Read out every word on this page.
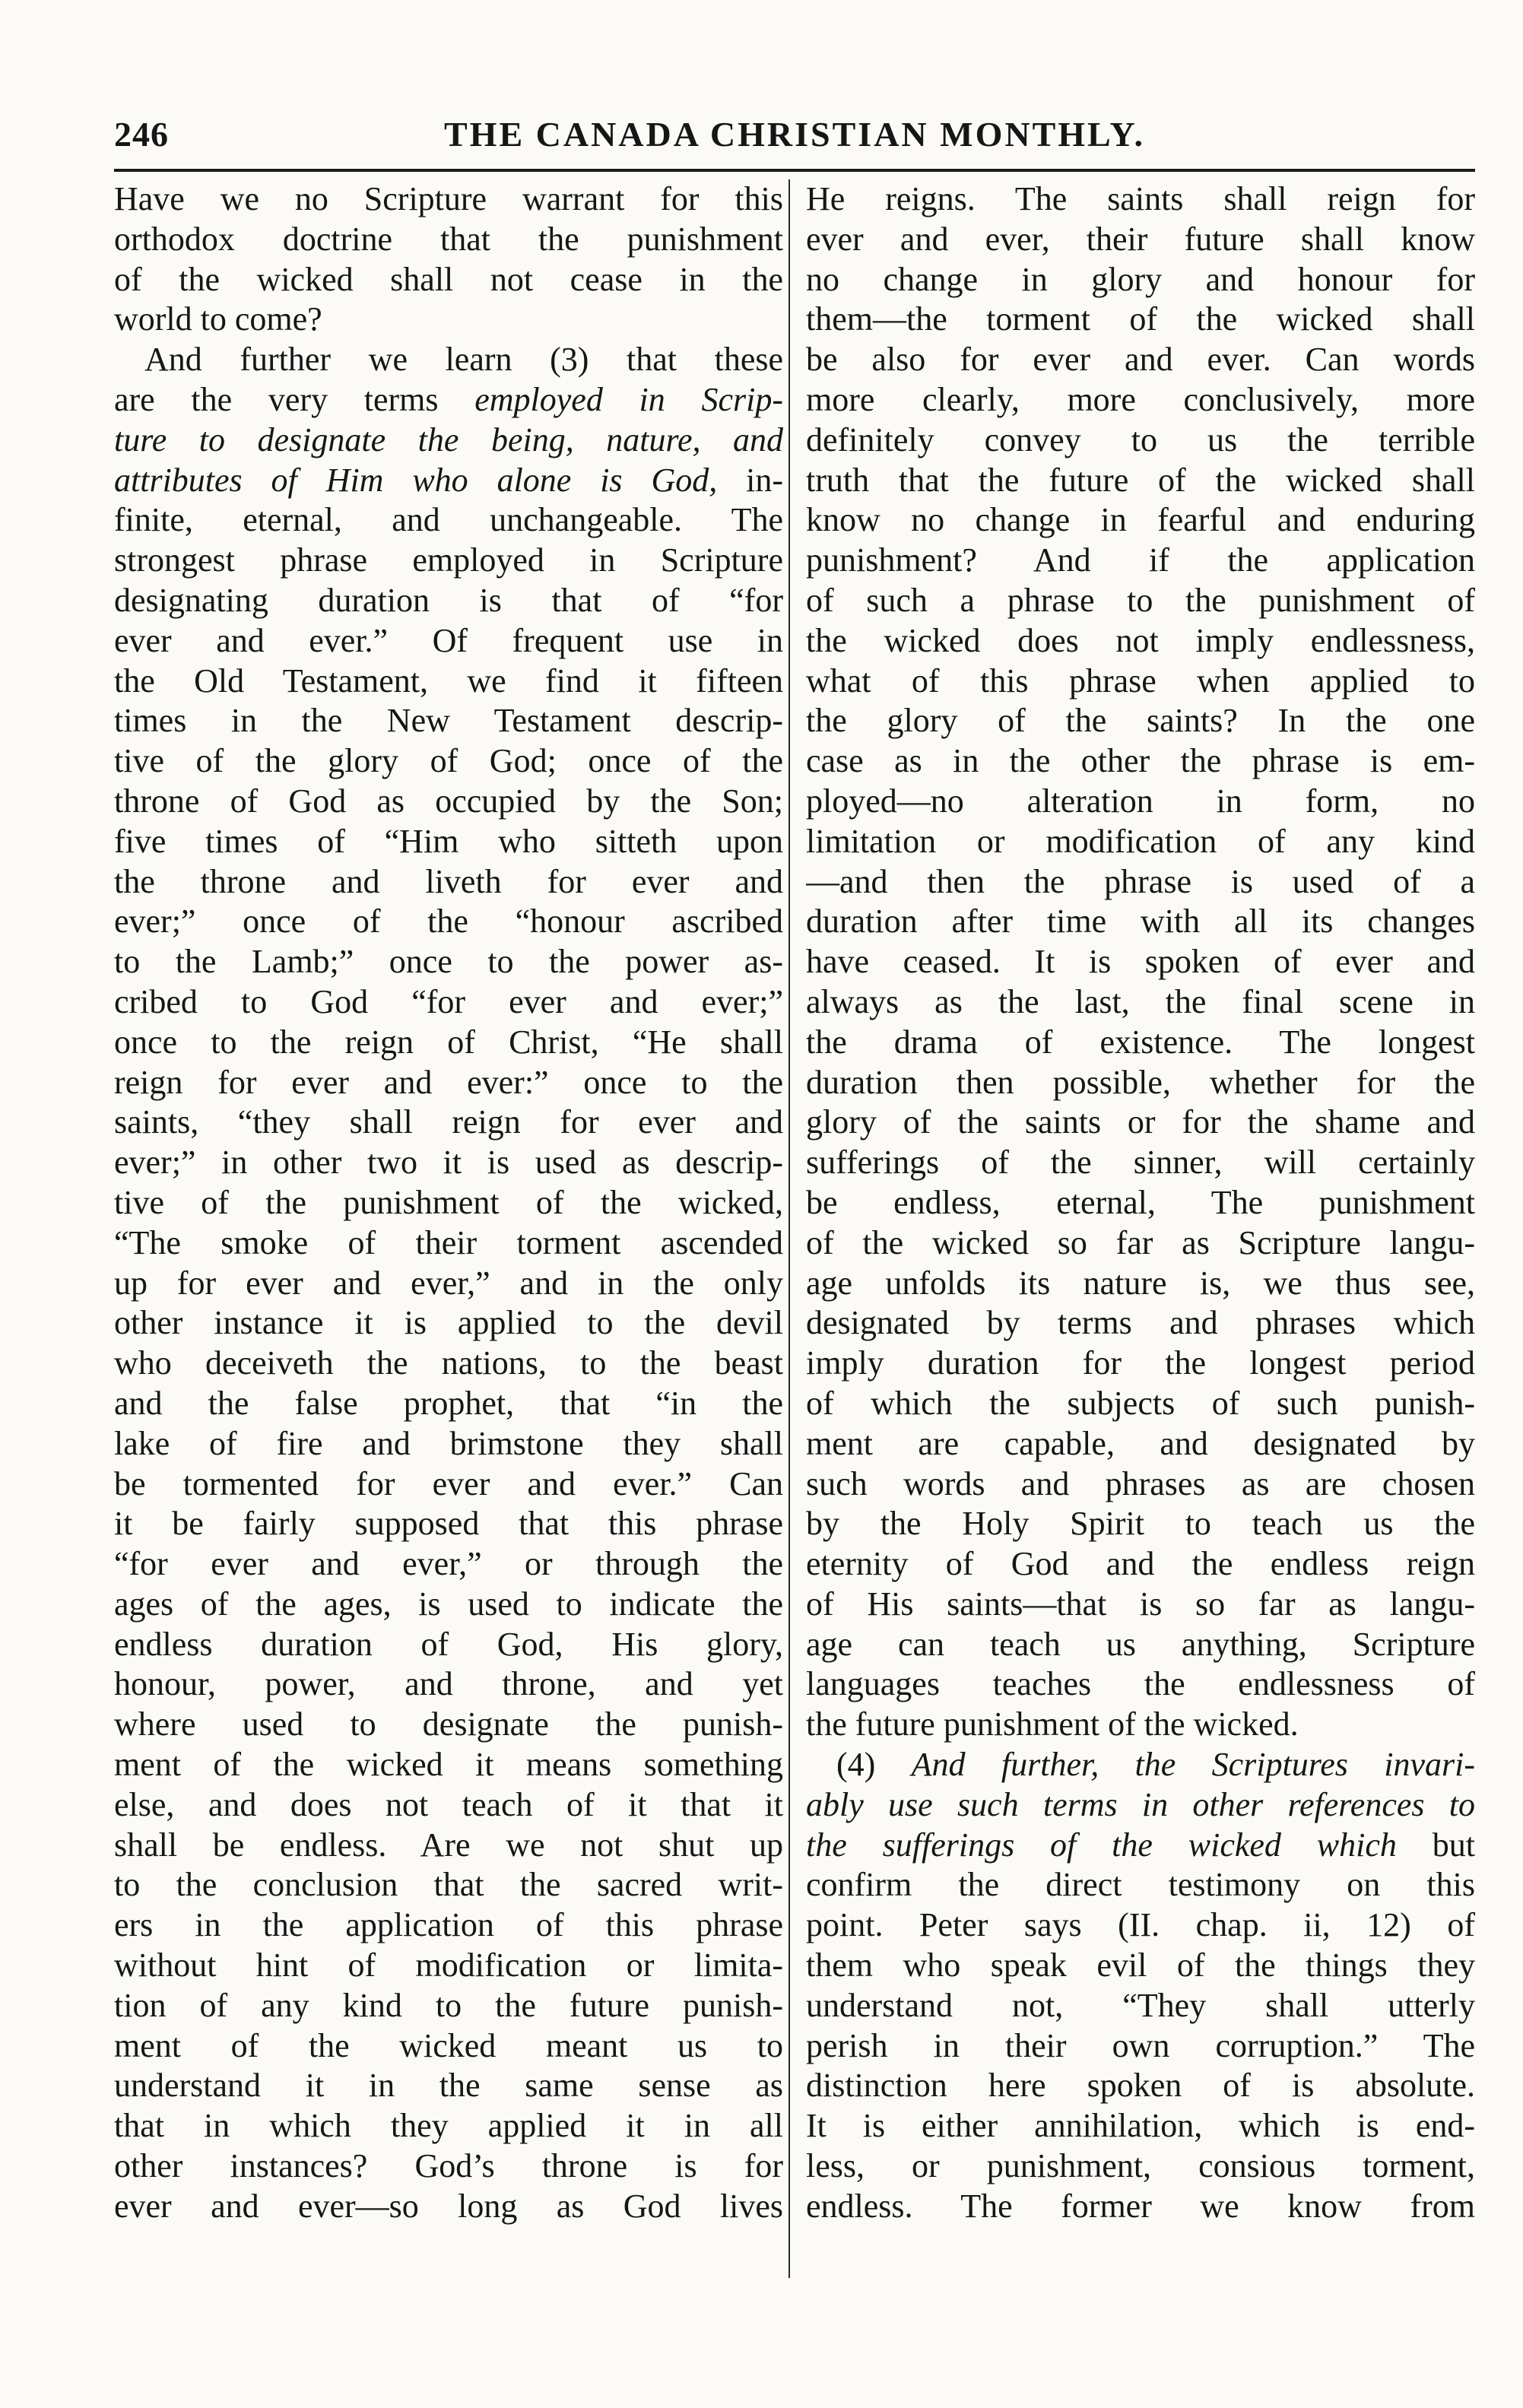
246	THE CANADA CHRISTIAN MONTHLY.
Have we no Scripture warrant for this
orthodox doctrine that the punishment
of the wicked shall not cease in the
world to come?
And further we learn (3) that these
are the very terms employed in Scrip-
ture to designate the being, nature, and
attributes of Him who alone is God, in-
finite, eternal, and unchangeable. The
strongest phrase employed in Scripture
designating duration is that of “for
ever and ever.” Of frequent use in
the Old Testament, we find it fifteen
times in the New Testament descrip-
tive of the glory of God; once of the
throne of God as occupied by the Son;
five times of “Him who sitteth upon
the throne and liveth for ever and
ever;” once of the “honour ascribed
to the Lamb;” once to the power as-
cribed to God “for ever and ever;”
once to the reign of Christ, “He shall
reign for ever and ever:” once to the
saints, “they shall reign for ever and
ever;” in other two it is used as descrip-
tive of the punishment of the wicked,
“The smoke of their torment ascended
up for ever and ever,” and in the only
other instance it is applied to the devil
who deceiveth the nations, to the beast
and the false prophet, that “in the
lake of fire and brimstone they shall
be tormented for ever and ever.” Can
it be fairly supposed that this phrase
“for ever and ever,” or through the
ages of the ages, is used to indicate the
endless duration of God, His glory,
honour, power, and throne, and yet
where used to designate the punish-
ment of the wicked it means something
else, and does not teach of it that it
shall be endless. Are we not shut up
to the conclusion that the sacred writ-
ers in the application of this phrase
without hint of modification or limita-
tion of any kind to the future punish-
ment of the wicked meant us to
understand it in the same sense as
that in which they applied it in all
other instances? God’s throne is for
ever and ever—so long as God lives
He reigns. The saints shall reign for
ever and ever, their future shall know
no change in glory and honour for
them—the torment of the wicked shall
be also for ever and ever. Can words
more clearly, more conclusively, more
definitely convey to us the terrible
truth that the future of the wicked shall
know no change in fearful and enduring
punishment? And if the application
of such a phrase to the punishment of
the wicked does not imply endlessness,
what of this phrase when applied to
the glory of the saints? In the one
case as in the other the phrase is em-
ployed—no alteration in form, no
limitation or modification of any kind
—and then the phrase is used of a
duration after time with all its changes
have ceased. It is spoken of ever and
always as the last, the final scene in
the drama of existence. The longest
duration then possible, whether for the
glory of the saints or for the shame and
sufferings of the sinner, will certainly
be endless, eternal, The punishment
of the wicked so far as Scripture langu-
age unfolds its nature is, we thus see,
designated by terms and phrases which
imply duration for the longest period
of which the subjects of such punish-
ment are capable, and designated by
such words and phrases as are chosen
by the Holy Spirit to teach us the
eternity of God and the endless reign
of His saints—that is so far as langu-
age can teach us anything, Scripture
languages teaches the endlessness of
the future punishment of the wicked.
(4) And further, the Scriptures invari-
ably use such terms in other references to
the sufferings of the wicked which but
confirm the direct testimony on this
point. Peter says (II. chap. ii, 12) of
them who speak evil of the things they
understand not, “They shall utterly
perish in their own corruption.” The
distinction here spoken of is absolute.
It is either annihilation, which is end-
less, or punishment, consious torment,
endless. The former we know from
